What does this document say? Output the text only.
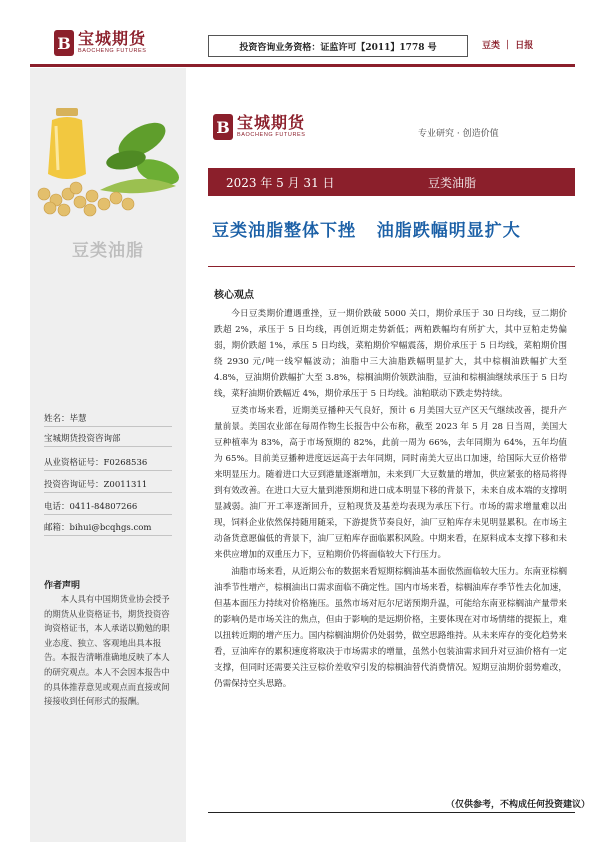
B 宝城期货
BAOCHENG FUTURES	投资咨询业务资格：证监许可【2011】1778 号	豆类 ｜ 日报
豆类油脂
姓名：毕慧
宝城期货投资咨询部
从业资格证号：F0268536
投资咨询证号：Z0011311
电话：0411-84807266
邮箱：bihui@bcqhgs.com
作者声明
本人具有中国期货业协会授予的期货从业资格证书，期货投资咨询资格证书，本人承诺以勤勉的职业态度、独立、客观地出具本报告。本报告清晰准确地反映了本人的研究观点。本人不会因本报告中的具体推荐意见或观点而直接或间接接收到任何形式的报酬。
B 宝城期货
BAOCHENG FUTURES	专业研究 · 创造价值
2023 年 5 月 31 日	豆类油脂
豆类油脂整体下挫 油脂跌幅明显扩大
核心观点

今日豆类期价遭遇重挫，豆一期价跌破 5000 关口，期价承压于 30 日均线，豆二期价跌超 2%，承压于 5 日均线，再创近期走势新低；两粕跌幅均有所扩大，其中豆粕走势偏弱，期价跌超 1%，承压 5 日均线，菜粕期价窄幅震荡，期价承压于 5 日均线，菜粕期价围绕 2930 元/吨一线窄幅波动；油脂中三大油脂跌幅明显扩大，其中棕榈油跌幅扩大至 4.8%，豆油期价跌幅扩大至 3.8%，棕榈油期价领跌油脂，豆油和棕榈油继续承压于 5 日均线，菜籽油期价跌幅近 4%，期价承压于 5 日均线。油粕联动下跌走势持续。

豆类市场来看，近期美豆播种天气良好，预计 6 月美国大豆产区天气继续改善，提升产量前景。美国农业部在每周作物生长报告中公布称，截至 2023 年 5 月 28 日当周，美国大豆种植率为 83%，高于市场预期的 82%，此前一周为 66%，去年同期为 64%，五年均值为 65%。目前美豆播种进度远远高于去年同期，同时南美大豆出口加速，给国际大豆价格带来明显压力。随着进口大豆到港量逐渐增加，未来到厂大豆数量的增加，供应紧张的格局将得到有效改善。在进口大豆大量到港预期和进口成本明显下移的背景下，未来自成本端的支撑明显减弱。油厂开工率逐渐回升，豆粕现货及基差均表现为承压下行。市场的需求增量难以出现，饲料企业依然保持随用随采，下游提货节奏良好，油厂豆粕库存未见明显累积。在市场主动备货意愿偏低的背景下，油厂豆粕库存面临累积风险。中期来看，在原料成本支撑下移和未来供应增加的双重压力下，豆粕期价仍将面临较大下行压力。

油脂市场来看，从近期公布的数据来看短期棕榈油基本面依然面临较大压力。东南亚棕榈油季节性增产，棕榈油出口需求面临不确定性。国内市场来看，棕榈油库存季节性去化加速，但基本面压力持续对价格施压。虽然市场对厄尔尼诺预期升温，可能给东南亚棕榈油产量带来的影响仍是市场关注的焦点，但由于影响的是远期价格，主要体现在对市场情绪的提振上，难以扭转近期的增产压力。国内棕榈油期价仍处弱势，做空思路维持。从未来库存的变化趋势来看，豆油库存的累积速度将取决于市场需求的增量，虽然小包装油需求回升对豆油价格有一定支撑，但同时还需要关注豆棕价差收窄引发的棕榈油替代消费情况。短期豆油期价弱势难改，仍需保持空头思路。

（仅供参考，不构成任何投资建议）
